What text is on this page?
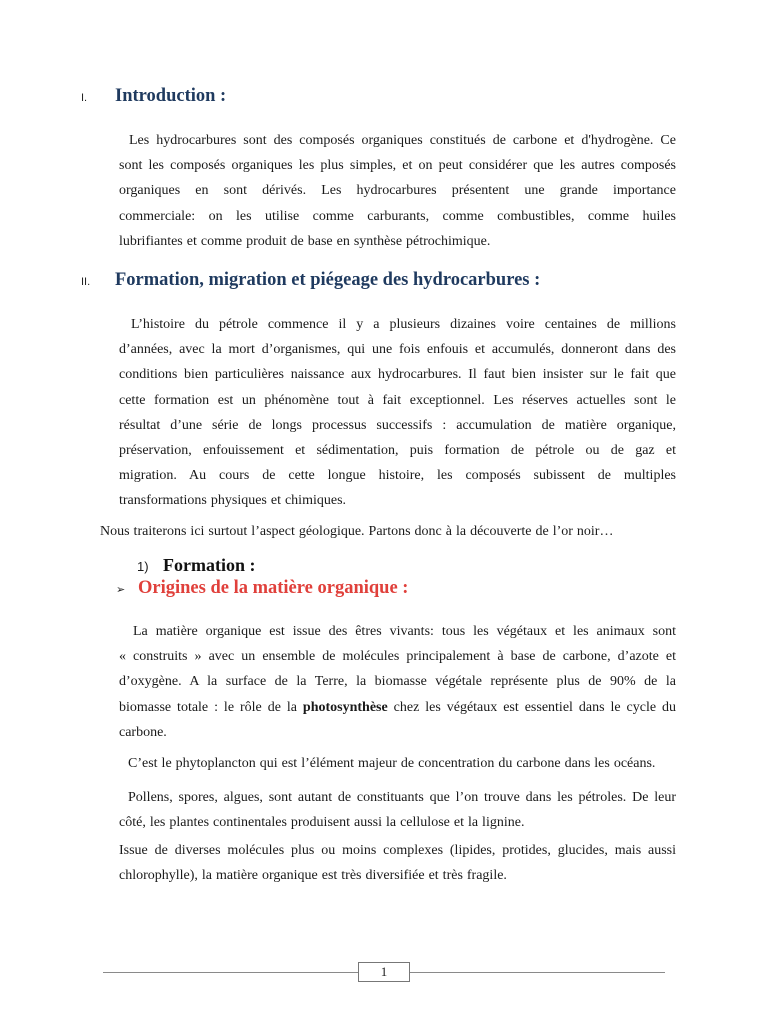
I.	Introduction :
Les hydrocarbures sont des composés organiques constitués de carbone et d'hydrogène. Ce
sont les composés organiques les plus simples, et on peut considérer que les autres composés
organiques en sont dérivés. Les hydrocarbures présentent une grande importance
commerciale: on les utilise comme carburants, comme combustibles, comme huiles
lubrifiantes et comme produit de base en synthèse pétrochimique.
II.	Formation, migration et piégeage des hydrocarbures :
L’histoire du pétrole commence il y a plusieurs dizaines voire centaines de millions
d’années, avec la mort d’organismes, qui une fois enfouis et accumulés, donneront dans des
conditions bien particulières naissance aux hydrocarbures. Il faut bien insister sur le fait que
cette formation est un phénomène tout à fait exceptionnel. Les réserves actuelles sont le
résultat d’une série de longs processus successifs : accumulation de matière organique,
préservation, enfouissement et sédimentation, puis formation de pétrole ou de gaz et
migration. Au cours de cette longue histoire, les composés subissent de multiples
transformations physiques et chimiques.
Nous traiterons ici surtout l’aspect géologique. Partons donc à la découverte de l’or noir…
1) Formation :
➢ Origines de la matière organique :
La matière organique est issue des êtres vivants: tous les végétaux et les animaux sont
« construits » avec un ensemble de molécules principalement à base de carbone, d’azote et
d’oxygène. A la surface de la Terre, la biomasse végétale représente plus de 90% de la
biomasse totale : le rôle de la photosynthèse chez les végétaux est essentiel dans le cycle du
carbone.
C’est le phytoplancton qui est l’élément majeur de concentration du carbone dans les océans.
Pollens, spores, algues, sont autant de constituants que l’on trouve dans les pétroles. De leur
côté, les plantes continentales produisent aussi la cellulose et la lignine.
Issue de diverses molécules plus ou moins complexes (lipides, protides, glucides, mais aussi
chlorophylle), la matière organique est très diversifiée et très fragile.
1
